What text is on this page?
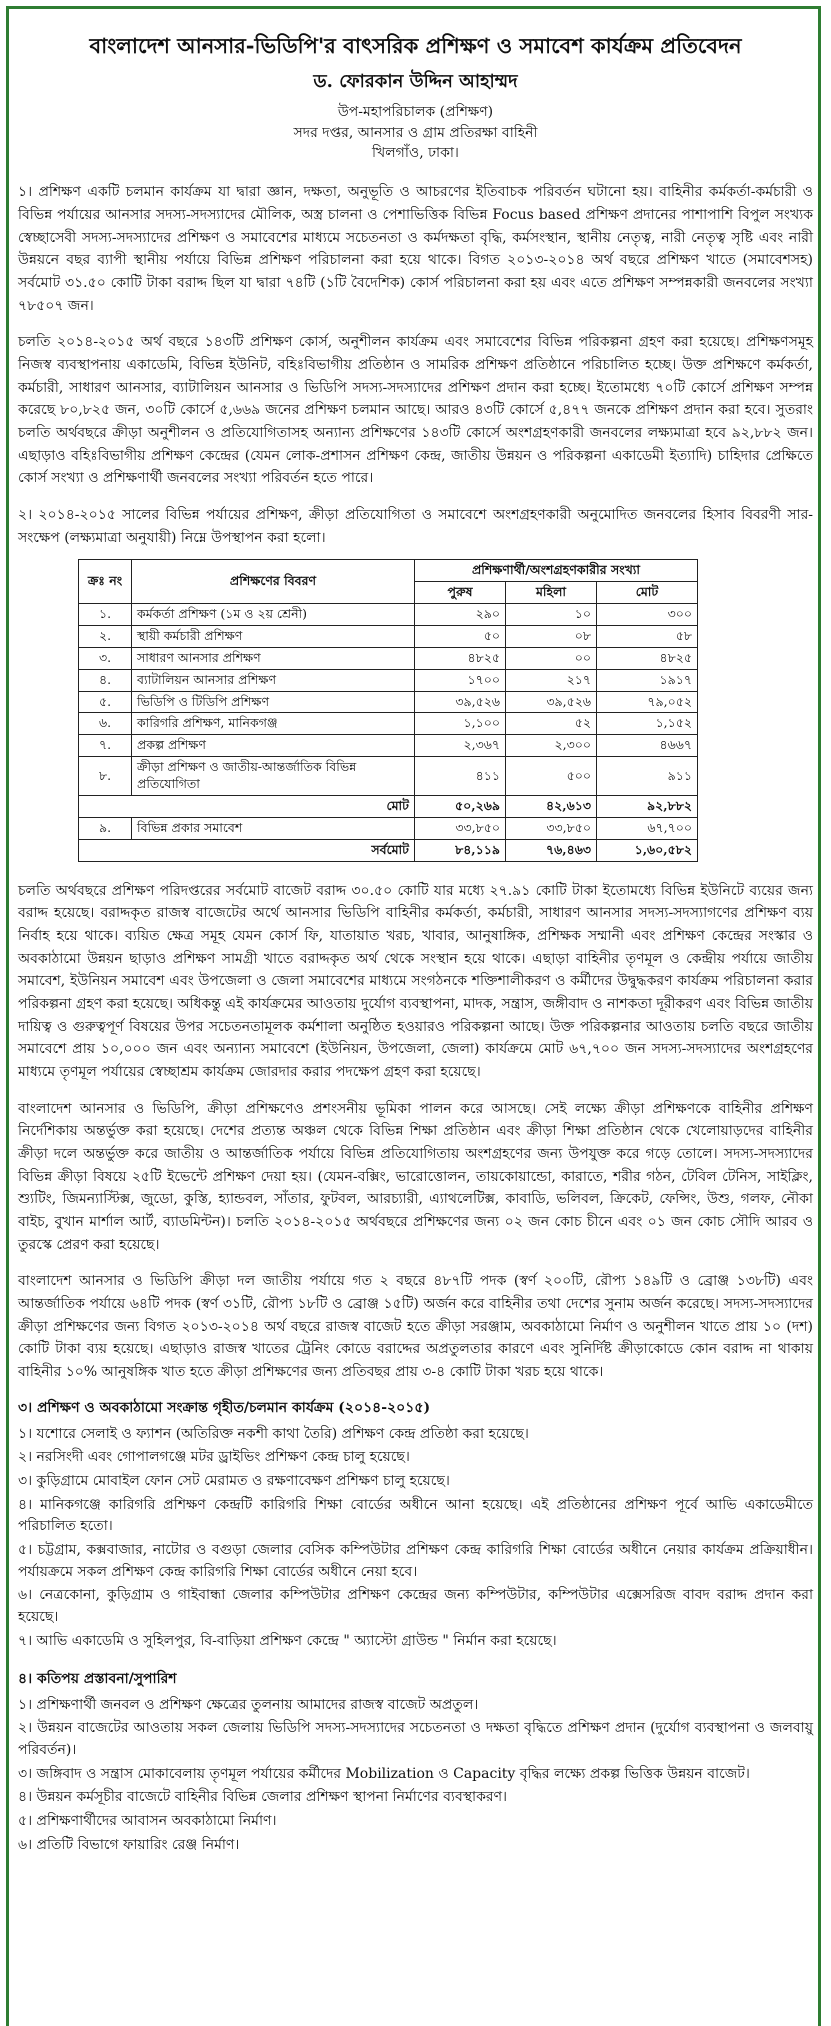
বাংলাদেশ আনসার-ভিডিপি'র বাৎসরিক প্রশিক্ষণ ও সমাবেশ কার্যক্রম প্রতিবেদন
ড. ফোরকান উদ্দিন আহাম্মদ

উপ-মহাপরিচালক (প্রশিক্ষণ)

সদর দপ্তর, আনসার ও গ্রাম প্রতিরক্ষা বাহিনী

খিলগাঁও, ঢাকা।

১। প্রশিক্ষণ একটি চলমান কার্যক্রম যা দ্বারা জ্ঞান, দক্ষতা, অনুভূতি ও আচরণের ইতিবাচক পরিবর্তন ঘটানো হয়। বাহিনীর কর্মকর্তা-কর্মচারী ও বিভিন্ন পর্যায়ের আনসার সদস্য-সদস্যাদের মৌলিক, অস্ত্র চালনা ও পেশাভিত্তিক বিভিন্ন Focus based প্রশিক্ষণ প্রদানের পাশাপাশি বিপুল সংখ্যক স্বেচ্ছাসেবী সদস্য-সদস্যাদের প্রশিক্ষণ ও সমাবেশের মাধ্যমে সচেতনতা ও কর্মদক্ষতা বৃদ্ধি, কর্মসংস্থান, স্থানীয় নেতৃত্ব, নারী নেতৃত্ব সৃষ্টি এবং নারী উন্নয়নে বছর ব্যাপী স্থানীয় পর্যায়ে বিভিন্ন প্রশিক্ষণ পরিচালনা করা হয়ে থাকে। বিগত ২০১৩-২০১৪ অর্থ বছরে প্রশিক্ষণ খাতে (সমাবেশসহ) সর্বমোট ৩১.৫০ কোটি টাকা বরাদ্দ ছিল যা দ্বারা ৭৪টি (১টি বৈদেশিক) কোর্স পরিচালনা করা হয় এবং এতে প্রশিক্ষণ সম্পন্নকারী জনবলের সংখ্যা ৭৮৫০৭ জন।

চলতি ২০১৪-২০১৫ অর্থ বছরে ১৪৩টি প্রশিক্ষণ কোর্স, অনুশীলন কার্যক্রম এবং সমাবেশের বিভিন্ন পরিকল্পনা গ্রহণ করা হয়েছে। প্রশিক্ষণসমূহ নিজস্ব ব্যবস্থাপনায় একাডেমি, বিভিন্ন ইউনিট, বহিঃবিভাগীয় প্রতিষ্ঠান ও সামরিক প্রশিক্ষণ প্রতিষ্ঠানে পরিচালিত হচ্ছে। উক্ত প্রশিক্ষণে কর্মকর্তা, কর্মচারী, সাধারণ আনসার, ব্যাটালিয়ন আনসার ও ভিডিপি সদস্য-সদস্যাদের প্রশিক্ষণ প্রদান করা হচ্ছে। ইতোমধ্যে ৭০টি কোর্সে প্রশিক্ষণ সম্পন্ন করেছে ৮০,৮২৫ জন, ৩০টি কোর্সে ৫,৬৬৯ জনের প্রশিক্ষণ চলমান আছে। আরও ৪৩টি কোর্সে ৫,৪৭৭ জনকে প্রশিক্ষণ প্রদান করা হবে। সুতরাং চলতি অর্থবছরে ক্রীড়া অনুশীলন ও প্রতিযোগিতাসহ অন্যান্য প্রশিক্ষণের ১৪৩টি কোর্সে অংশগ্রহণকারী জনবলের লক্ষ্যমাত্রা হবে ৯২,৮৮২ জন। এছাড়াও বহিঃবিভাগীয় প্রশিক্ষণ কেন্দ্রের (যেমন লোক-প্রশাসন প্রশিক্ষণ কেন্দ্র, জাতীয় উন্নয়ন ও পরিকল্পনা একাডেমী ইত্যাদি) চাহিদার প্রেক্ষিতে কোর্স সংখ্যা ও প্রশিক্ষণার্থী জনবলের সংখ্যা পরিবর্তন হতে পারে।

২। ২০১৪-২০১৫ সালের বিভিন্ন পর্যায়ের প্রশিক্ষণ, ক্রীড়া প্রতিযোগিতা ও সমাবেশে অংশগ্রহণকারী অনুমোদিত জনবলের হিসাব বিবরণী সার-সংক্ষেপ (লক্ষ্যমাত্রা অনুযায়ী) নিম্নে উপস্থাপন করা হলো।

ক্রঃ নং	প্রশিক্ষণের বিবরণ	প্রশিক্ষণার্থী/অংশগ্রহণকারীর সংখ্যা		
		পুরুষ	মহিলা	মোট
১.	কর্মকর্তা প্রশিক্ষণ (১ম ও ২য় শ্রেনী)	২৯০	১০	৩০০
২.	স্থায়ী কর্মচারী প্রশিক্ষণ	৫০	০৮	৫৮
৩.	সাধারণ আনসার প্রশিক্ষণ	৪৮২৫	০০	৪৮২৫
৪.	ব্যাটালিয়ন আনসার প্রশিক্ষণ	১৭০০	২১৭	১৯১৭
৫.	ভিডিপি ও টিডিপি প্রশিক্ষণ	৩৯,৫২৬	৩৯,৫২৬	৭৯,০৫২
৬.	কারিগরি প্রশিক্ষণ, মানিকগঞ্জ	১,১০০	৫২	১,১৫২
৭.	প্রকল্প প্রশিক্ষণ	২,৩৬৭	২,৩০০	৪৬৬৭
৮.	ক্রীড়া প্রশিক্ষণ ও জাতীয়-আন্তর্জাতিক বিভিন্ন প্রতিযোগিতা	৪১১	৫০০	৯১১
মোট		৫০,২৬৯	৪২,৬১৩	৯২,৮৮২
৯.	বিভিন্ন প্রকার সমাবেশ	৩৩,৮৫০	৩৩,৮৫০	৬৭,৭০০
সর্বমোট		৮৪,১১৯	৭৬,৪৬৩	১,৬০,৫৮২

চলতি অর্থবছরে প্রশিক্ষণ পরিদপ্তরের সর্বমোট বাজেট বরাদ্দ ৩০.৫০ কোটি যার মধ্যে ২৭.৯১ কোটি টাকা ইতোমধ্যে বিভিন্ন ইউনিটে ব্যয়ের জন্য বরাদ্দ হয়েছে। বরাদ্দকৃত রাজস্ব বাজেটের অর্থে আনসার ভিডিপি বাহিনীর কর্মকর্তা, কর্মচারী, সাধারণ আনসার সদস্য-সদস্যাগণের প্রশিক্ষণ ব্যয় নির্বাহ হয়ে থাকে। ব্যয়িত ক্ষেত্র সমূহ যেমন কোর্স ফি, যাতায়াত খরচ, খাবার, আনুষাঙ্গিক, প্রশিক্ষক সম্মানী এবং প্রশিক্ষণ কেন্দ্রের সংস্কার ও অবকাঠামো উন্নয়ন ছাড়াও প্রশিক্ষণ সামগ্রী খাতে বরাদ্দকৃত অর্থ থেকে সংস্থান হয়ে থাকে। এছাড়া বাহিনীর তৃণমূল ও কেন্দ্রীয় পর্যায়ে জাতীয় সমাবেশ, ইউনিয়ন সমাবেশ এবং উপজেলা ও জেলা সমাবেশের মাধ্যমে সংগঠনকে শক্তিশালীকরণ ও কর্মীদের উদ্বুদ্ধকরণ কার্যক্রম পরিচালনা করার পরিকল্পনা গ্রহণ করা হয়েছে। অধিকন্তু এই কার্যক্রমের আওতায় দুর্যোগ ব্যবস্থাপনা, মাদক, সন্ত্রাস, জঙ্গীবাদ ও নাশকতা দূরীকরণ এবং বিভিন্ন জাতীয় দায়িত্ব ও গুরুত্বপূর্ণ বিষয়ের উপর সচেতনতামূলক কর্মশালা অনুষ্ঠিত হওয়ারও পরিকল্পনা আছে। উক্ত পরিকল্পনার আওতায় চলতি বছরে জাতীয় সমাবেশে প্রায় ১০,০০০ জন এবং অন্যান্য সমাবেশে (ইউনিয়ন, উপজেলা, জেলা) কার্যক্রমে মোট ৬৭,৭০০ জন সদস্য-সদস্যাদের অংশগ্রহণের মাধ্যমে তৃণমূল পর্যায়ের স্বেচ্ছাশ্রম কার্যক্রম জোরদার করার পদক্ষেপ গ্রহণ করা হয়েছে।

বাংলাদেশ আনসার ও ভিডিপি, ক্রীড়া প্রশিক্ষণেও প্রশংসনীয় ভূমিকা পালন করে আসছে। সেই লক্ষ্যে ক্রীড়া প্রশিক্ষণকে বাহিনীর প্রশিক্ষণ নির্দেশিকায় অন্তর্ভুক্ত করা হয়েছে। দেশের প্রত্যন্ত অঞ্চল থেকে বিভিন্ন শিক্ষা প্রতিষ্ঠান এবং ক্রীড়া শিক্ষা প্রতিষ্ঠান থেকে খেলোয়াড়দের বাহিনীর ক্রীড়া দলে অন্তর্ভুক্ত করে জাতীয় ও আন্তর্জাতিক পর্যায়ে বিভিন্ন প্রতিযোগিতায় অংশগ্রহণের জন্য উপযুক্ত করে গড়ে তোলে। সদস্য-সদস্যাদের বিভিন্ন ক্রীড়া বিষয়ে ২৫টি ইভেন্টে প্রশিক্ষণ দেয়া হয়। (যেমন-বক্সিং, ভারোত্তোলন, তায়কোয়ান্ডো, কারাতে, শরীর গঠন, টেবিল টেনিস, সাইক্লিং, শ্যুটিং, জিমন্যাস্টিক্স, জুডো, কুস্তি, হ্যান্ডবল, সাঁতার, ফুটবল, আরচ্যারী, এ্যাথলেটিক্স, কাবাডি, ভলিবল, ক্রিকেট, ফেন্সিং, উশু, গলফ, নৌকা বাইচ, বুখান মার্শাল আর্ট, ব্যাডমিন্টন)। চলতি ২০১৪-২০১৫ অর্থবছরে প্রশিক্ষণের জন্য ০২ জন কোচ চীনে এবং ০১ জন কোচ সৌদি আরব ও তুরস্কে প্রেরণ করা হয়েছে।

বাংলাদেশ আনসার ও ভিডিপি ক্রীড়া দল জাতীয় পর্যায়ে গত ২ বছরে ৪৮৭টি পদক (স্বর্ণ ২০০টি, রৌপ্য ১৪৯টি ও ব্রোঞ্জ ১৩৮টি) এবং আন্তর্জাতিক পর্যায়ে ৬৪টি পদক (স্বর্ণ ৩১টি, রৌপ্য ১৮টি ও ব্রোঞ্জ ১৫টি) অর্জন করে বাহিনীর তথা দেশের সুনাম অর্জন করেছে। সদস্য-সদস্যাদের ক্রীড়া প্রশিক্ষণের জন্য বিগত ২০১৩-২০১৪ অর্থ বছরে রাজস্ব বাজেট হতে ক্রীড়া সরঞ্জাম, অবকাঠামো নির্মাণ ও অনুশীলন খাতে প্রায় ১০ (দশ) কোটি টাকা ব্যয় হয়েছে। এছাড়াও রাজস্ব খাতের ট্রেনিং কোডে বরাদ্দের অপ্রতুলতার কারণে এবং সুনির্দিষ্ট ক্রীড়াকোডে কোন বরাদ্দ না থাকায় বাহিনীর ১০% আনুষঙ্গিক খাত হতে ক্রীড়া প্রশিক্ষণের জন্য প্রতিবছর প্রায় ৩-৪ কোটি টাকা খরচ হয়ে থাকে।

৩। প্রশিক্ষণ ও অবকাঠামো সংক্রান্ত গৃহীত/চলমান কার্যক্রম (২০১৪-২০১৫)
১। যশোরে সেলাই ও ফ্যাশন (অতিরিক্ত নকশী কাথা তৈরি) প্রশিক্ষণ কেন্দ্র প্রতিষ্ঠা করা হয়েছে।
২। নরসিংদী এবং গোপালগঞ্জে মটর ড্রাইভিং প্রশিক্ষণ কেন্দ্র চালু হয়েছে।
৩। কুড়িগ্রামে মোবাইল ফোন সেট মেরামত ও রক্ষণাবেক্ষণ প্রশিক্ষণ চালু হয়েছে।
৪। মানিকগঞ্জে কারিগরি প্রশিক্ষণ কেন্দ্রটি কারিগরি শিক্ষা বোর্ডের অধীনে আনা হয়েছে। এই প্রতিষ্ঠানের প্রশিক্ষণ পূর্বে আভি একাডেমীতে পরিচালিত হতো।
৫। চট্টগ্রাম, কক্সবাজার, নাটোর ও বগুড়া জেলার বেসিক কম্পিউটার প্রশিক্ষণ কেন্দ্র কারিগরি শিক্ষা বোর্ডের অধীনে নেয়ার কার্যক্রম প্রক্রিয়াধীন। পর্যায়ক্রমে সকল প্রশিক্ষণ কেন্দ্র কারিগরি শিক্ষা বোর্ডের অধীনে নেয়া হবে।
৬। নেত্রকোনা, কুড়িগ্রাম ও গাইবান্ধা জেলার কম্পিউটার প্রশিক্ষণ কেন্দ্রের জন্য কম্পিউটার, কম্পিউটার এক্সেসরিজ বাবদ বরাদ্দ প্রদান করা হয়েছে।
৭। আভি একাডেমি ও সুহিলপুর, বি-বাড়িয়া প্রশিক্ষণ কেন্দ্রে " অ্যাস্টো গ্রাউন্ড " নির্মান করা হয়েছে।
৪। কতিপয় প্রস্তাবনা/সুপারিশ
১। প্রশিক্ষণার্থী জনবল ও প্রশিক্ষণ ক্ষেত্রের তুলনায় আমাদের রাজস্ব বাজেট অপ্রতুল।
২। উন্নয়ন বাজেটের আওতায় সকল জেলায় ভিডিপি সদস্য-সদস্যাদের সচেতনতা ও দক্ষতা বৃদ্ধিতে প্রশিক্ষণ প্রদান (দুর্যোগ ব্যবস্থাপনা ও জলবায়ু পরিবর্তন)।
৩। জঙ্গিবাদ ও সন্ত্রাস মোকাবেলায় তৃণমূল পর্যায়ের কর্মীদের Mobilization ও Capacity বৃদ্ধির লক্ষ্যে প্রকল্প ভিত্তিক উন্নয়ন বাজেট।
৪। উন্নয়ন কর্মসূচীর বাজেটে বাহিনীর বিভিন্ন জেলার প্রশিক্ষণ স্থাপনা নির্মাণের ব্যবস্থাকরণ।
৫। প্রশিক্ষণার্থীদের আবাসন অবকাঠামো নির্মাণ।
৬। প্রতিটি বিভাগে ফায়ারিং রেঞ্জ নির্মাণ।
